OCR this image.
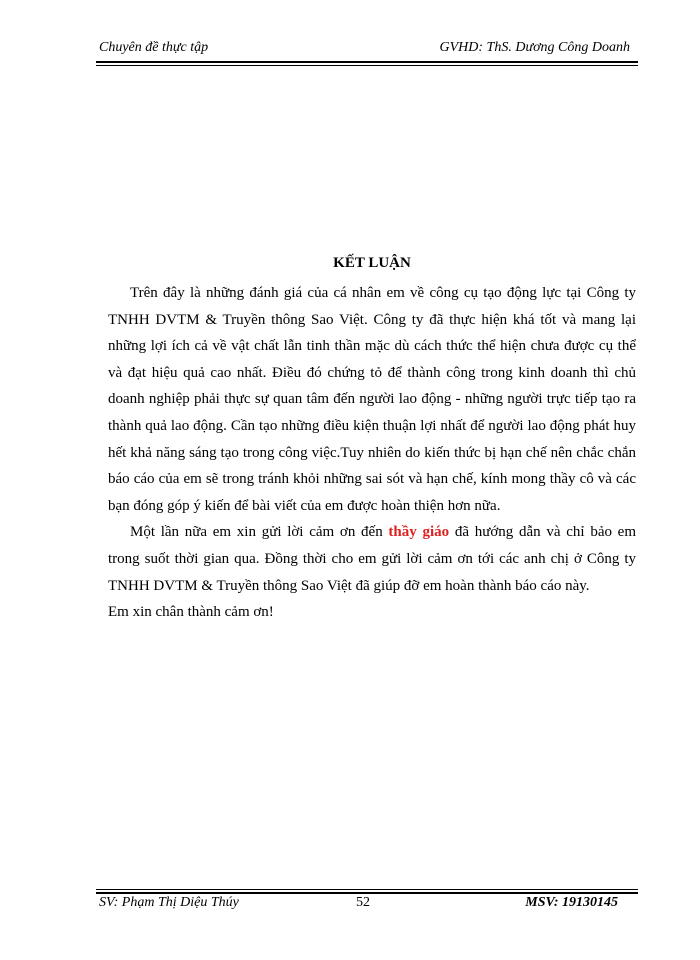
Chuyên đề thực tập	GVHD: ThS. Dương Công Doanh

KẾT LUẬN

Trên đây là những đánh giá của cá nhân em về công cụ tạo động lực tại Công ty TNHH DVTM & Truyền thông Sao Việt. Công ty đã thực hiện khá tốt và mang lại những lợi ích cả về vật chất lẫn tinh thần mặc dù cách thức thể hiện chưa được cụ thể và đạt hiệu quả cao nhất. Điều đó chứng tỏ để thành công trong kinh doanh thì chủ doanh nghiệp phải thực sự quan tâm đến người lao động - những người trực tiếp tạo ra thành quả lao động. Cần tạo những điều kiện thuận lợi nhất để người lao động phát huy hết khả năng sáng tạo trong công việc.Tuy nhiên do kiến thức bị hạn chế nên chắc chắn báo cáo của em sẽ trong tránh khỏi những sai sót và hạn chế, kính mong thầy cô và các bạn đóng góp ý kiến để bài viết của em được hoàn thiện hơn nữa.

Một lần nữa em xin gửi lời cảm ơn đến thầy giáo đã hướng dẫn và chỉ bảo em trong suốt thời gian qua. Đồng thời cho em gửi lời cảm ơn tới các anh chị ở Công ty TNHH DVTM & Truyền thông Sao Việt đã giúp đỡ em hoàn thành báo cáo này.

Em xin chân thành cảm ơn!

SV: Phạm Thị Diệu Thúy	52	MSV: 19130145
